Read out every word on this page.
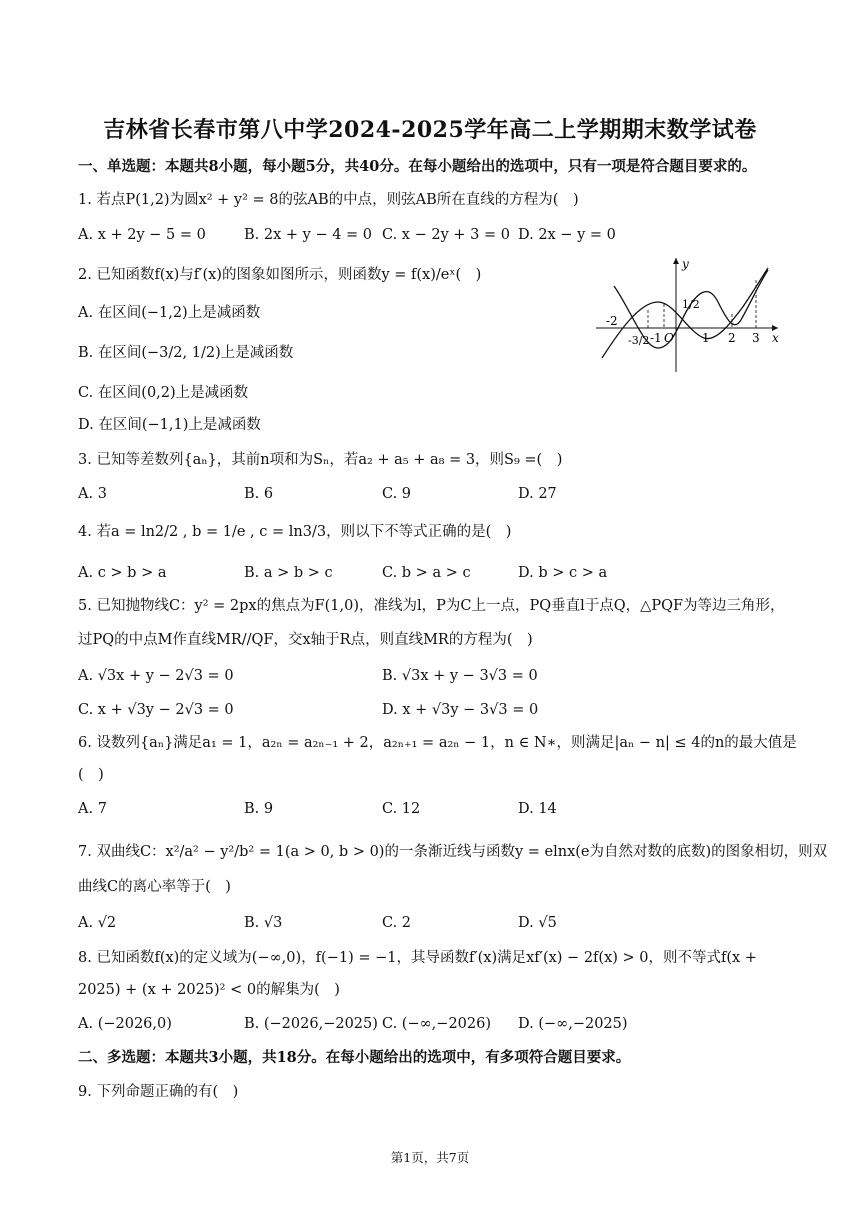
吉林省长春市第八中学2024-2025学年高二上学期期末数学试卷
一、单选题：本题共8小题，每小题5分，共40分。在每小题给出的选项中，只有一项是符合题目要求的。
1. 若点P(1,2)为圆x² + y² = 8的弦AB的中点，则弦AB所在直线的方程为(　)
A. x + 2y − 5 = 0	B. 2x + y − 4 = 0 C. x − 2y + 3 = 0 D. 2x − y = 0
2. 已知函数f(x)与f′(x)的图象如图所示，则函数y = f(x)/eˣ(　)
A. 在区间(−1,2)上是减函数
B. 在区间(−3/2, 1/2)上是减函数
C. 在区间(0,2)上是减函数
D. 在区间(−1,1)上是减函数
y
x
O
-2
-3/2 -1
1/2
1 2 3
3. 已知等差数列{aₙ}，其前n项和为Sₙ，若a₂ + a₅ + a₈ = 3，则S₉ =(　)
A. 3	B. 6	C. 9	D. 27
4. 若a = ln2/2 , b = 1/e , c = ln3/3，则以下不等式正确的是(　)
A. c > b > a	B. a > b > c	C. b > a > c	D. b > c > a
5. 已知抛物线C：y² = 2px的焦点为F(1,0)，准线为l，P为C上一点，PQ垂直l于点Q，△PQF为等边三角形，
过PQ的中点M作直线MR//QF，交x轴于R点，则直线MR的方程为(　)
A. √3x + y − 2√3 = 0	B. √3x + y − 3√3 = 0
C. x + √3y − 2√3 = 0	D. x + √3y − 3√3 = 0
6. 设数列{aₙ}满足a₁ = 1，a₂ₙ = a₂ₙ₋₁ + 2，a₂ₙ₊₁ = a₂ₙ − 1，n ∈ N∗，则满足|aₙ − n| ≤ 4的n的最大值是
(　)
A. 7	B. 9	C. 12	D. 14
7. 双曲线C：x²/a² − y²/b² = 1(a > 0, b > 0)的一条渐近线与函数y = elnx(e为自然对数的底数)的图象相切，则双
曲线C的离心率等于(　)
A. √2	B. √3	C. 2	D. √5
8. 已知函数f(x)的定义域为(−∞,0)，f(−1) = −1，其导函数f′(x)满足xf′(x) − 2f(x) > 0，则不等式f(x +
2025) + (x + 2025)² < 0的解集为(　)
A. (−2026,0)	B. (−2026,−2025) C. (−∞,−2026) D. (−∞,−2025)
二、多选题：本题共3小题，共18分。在每小题给出的选项中，有多项符合题目要求。
9. 下列命题正确的有(　)
第1页，共7页
